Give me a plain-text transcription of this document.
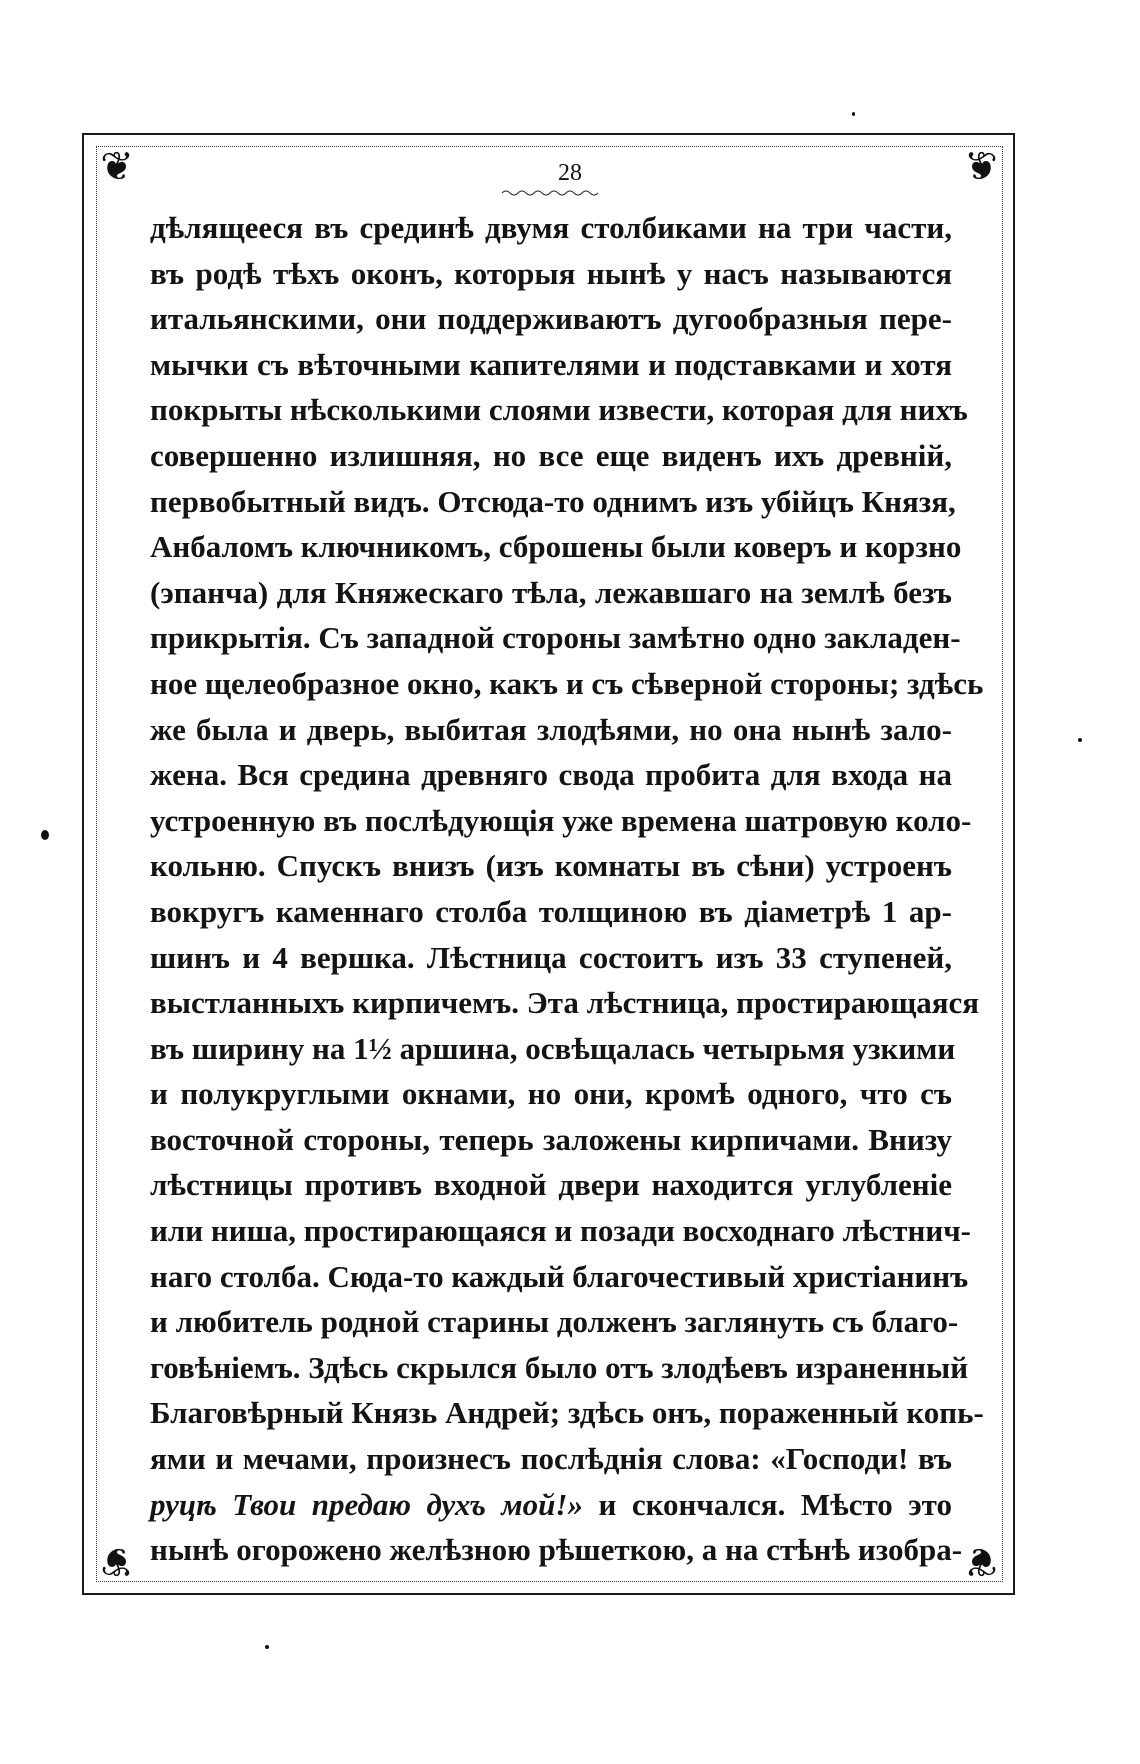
❦	❦
❦	❦
28
дѣлящееся въ срединѣ двумя столбиками на три части,
въ родѣ тѣхъ оконъ, которыя нынѣ у насъ называются
итальянскими, они поддерживаютъ дугообразныя пере-
мычки съ вѣточными капителями и подставками и хотя
покрыты нѣсколькими слоями извести, которая для нихъ
совершенно излишняя, но все еще виденъ ихъ древнiй,
первобытный видъ. Отсюда-то однимъ изъ убiйцъ Князя,
Анбаломъ ключникомъ, сброшены были коверъ и корзно
(эпанча) для Княжескаго тѣла, лежавшаго на землѣ безъ
прикрытiя. Съ западной стороны замѣтно одно закладен-
ное щелеобразное окно, какъ и съ сѣверной стороны; здѣсь
же была и дверь, выбитая злодѣями, но она нынѣ зало-
жена. Вся средина древняго свода пробита для входа на
устроенную въ послѣдующiя уже времена шатровую коло-
кольню. Спускъ внизъ (изъ комнаты въ сѣни) устроенъ
вокругъ каменнаго столба толщиною въ дiаметрѣ 1 ар-
шинъ и 4 вершка. Лѣстница состоитъ изъ 33 ступеней,
выстланныхъ кирпичемъ. Эта лѣстница, простирающаяся
въ ширину на 1½ аршина, освѣщалась четырьмя узкими
и полукруглыми окнами, но они, кромѣ одного, что съ
восточной стороны, теперь заложены кирпичами. Внизу
лѣстницы противъ входной двери находится углубленiе
или ниша, простирающаяся и позади восходнаго лѣстнич-
наго столба. Сюда-то каждый благочестивый христiанинъ
и любитель родной старины долженъ заглянуть съ благо-
говѣнiемъ. Здѣсь скрылся было отъ злодѣевъ израненный
Благовѣрный Князь Андрей; здѣсь онъ, пораженный копь-
ями и мечами, произнесъ послѣднiя слова: «Господи! въ
руцѣ Твои предаю духъ мой!» и скончался. Мѣсто это
нынѣ огорожено желѣзною рѣшеткою, а на стѣнѣ изобра-
